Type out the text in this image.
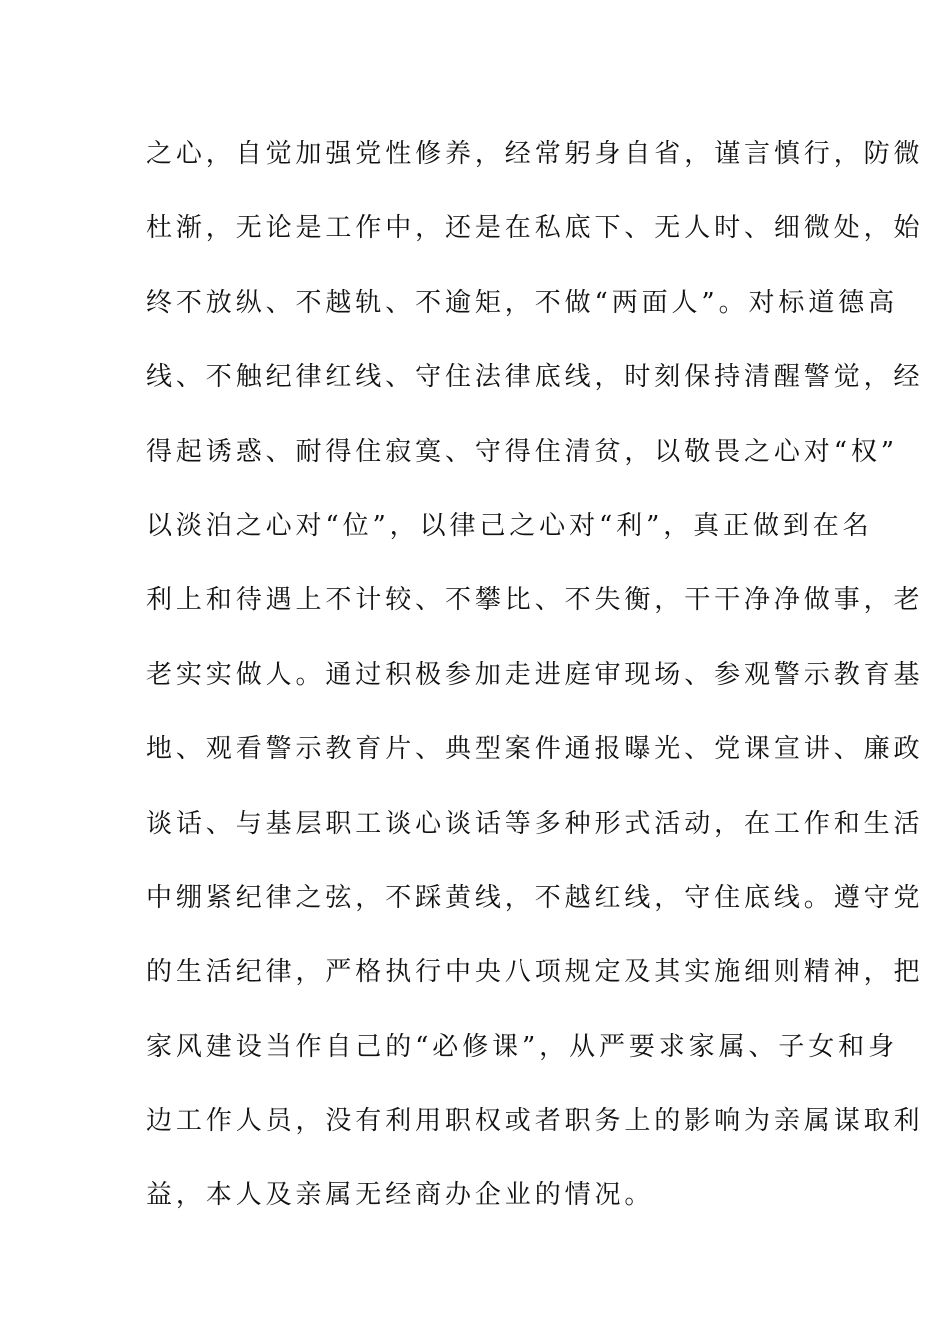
之心，自觉加强党性修养，经常躬身自省，谨言慎行，防微
杜渐，无论是工作中，还是在私底下、无人时、细微处，始
终不放纵、不越轨、不逾矩，不做“两面人”。对标道德高
线、不触纪律红线、守住法律底线，时刻保持清醒警觉，经
得起诱惑、耐得住寂寞、守得住清贫，以敬畏之心对“权”
以淡泊之心对“位”，以律己之心对“利”，真正做到在名
利上和待遇上不计较、不攀比、不失衡，干干净净做事，老
老实实做人。通过积极参加走进庭审现场、参观警示教育基
地、观看警示教育片、典型案件通报曝光、党课宣讲、廉政
谈话、与基层职工谈心谈话等多种形式活动，在工作和生活
中绷紧纪律之弦，不踩黄线，不越红线，守住底线。遵守党
的生活纪律，严格执行中央八项规定及其实施细则精神，把
家风建设当作自己的“必修课”，从严要求家属、子女和身
边工作人员，没有利用职权或者职务上的影响为亲属谋取利
益，本人及亲属无经商办企业的情况。
